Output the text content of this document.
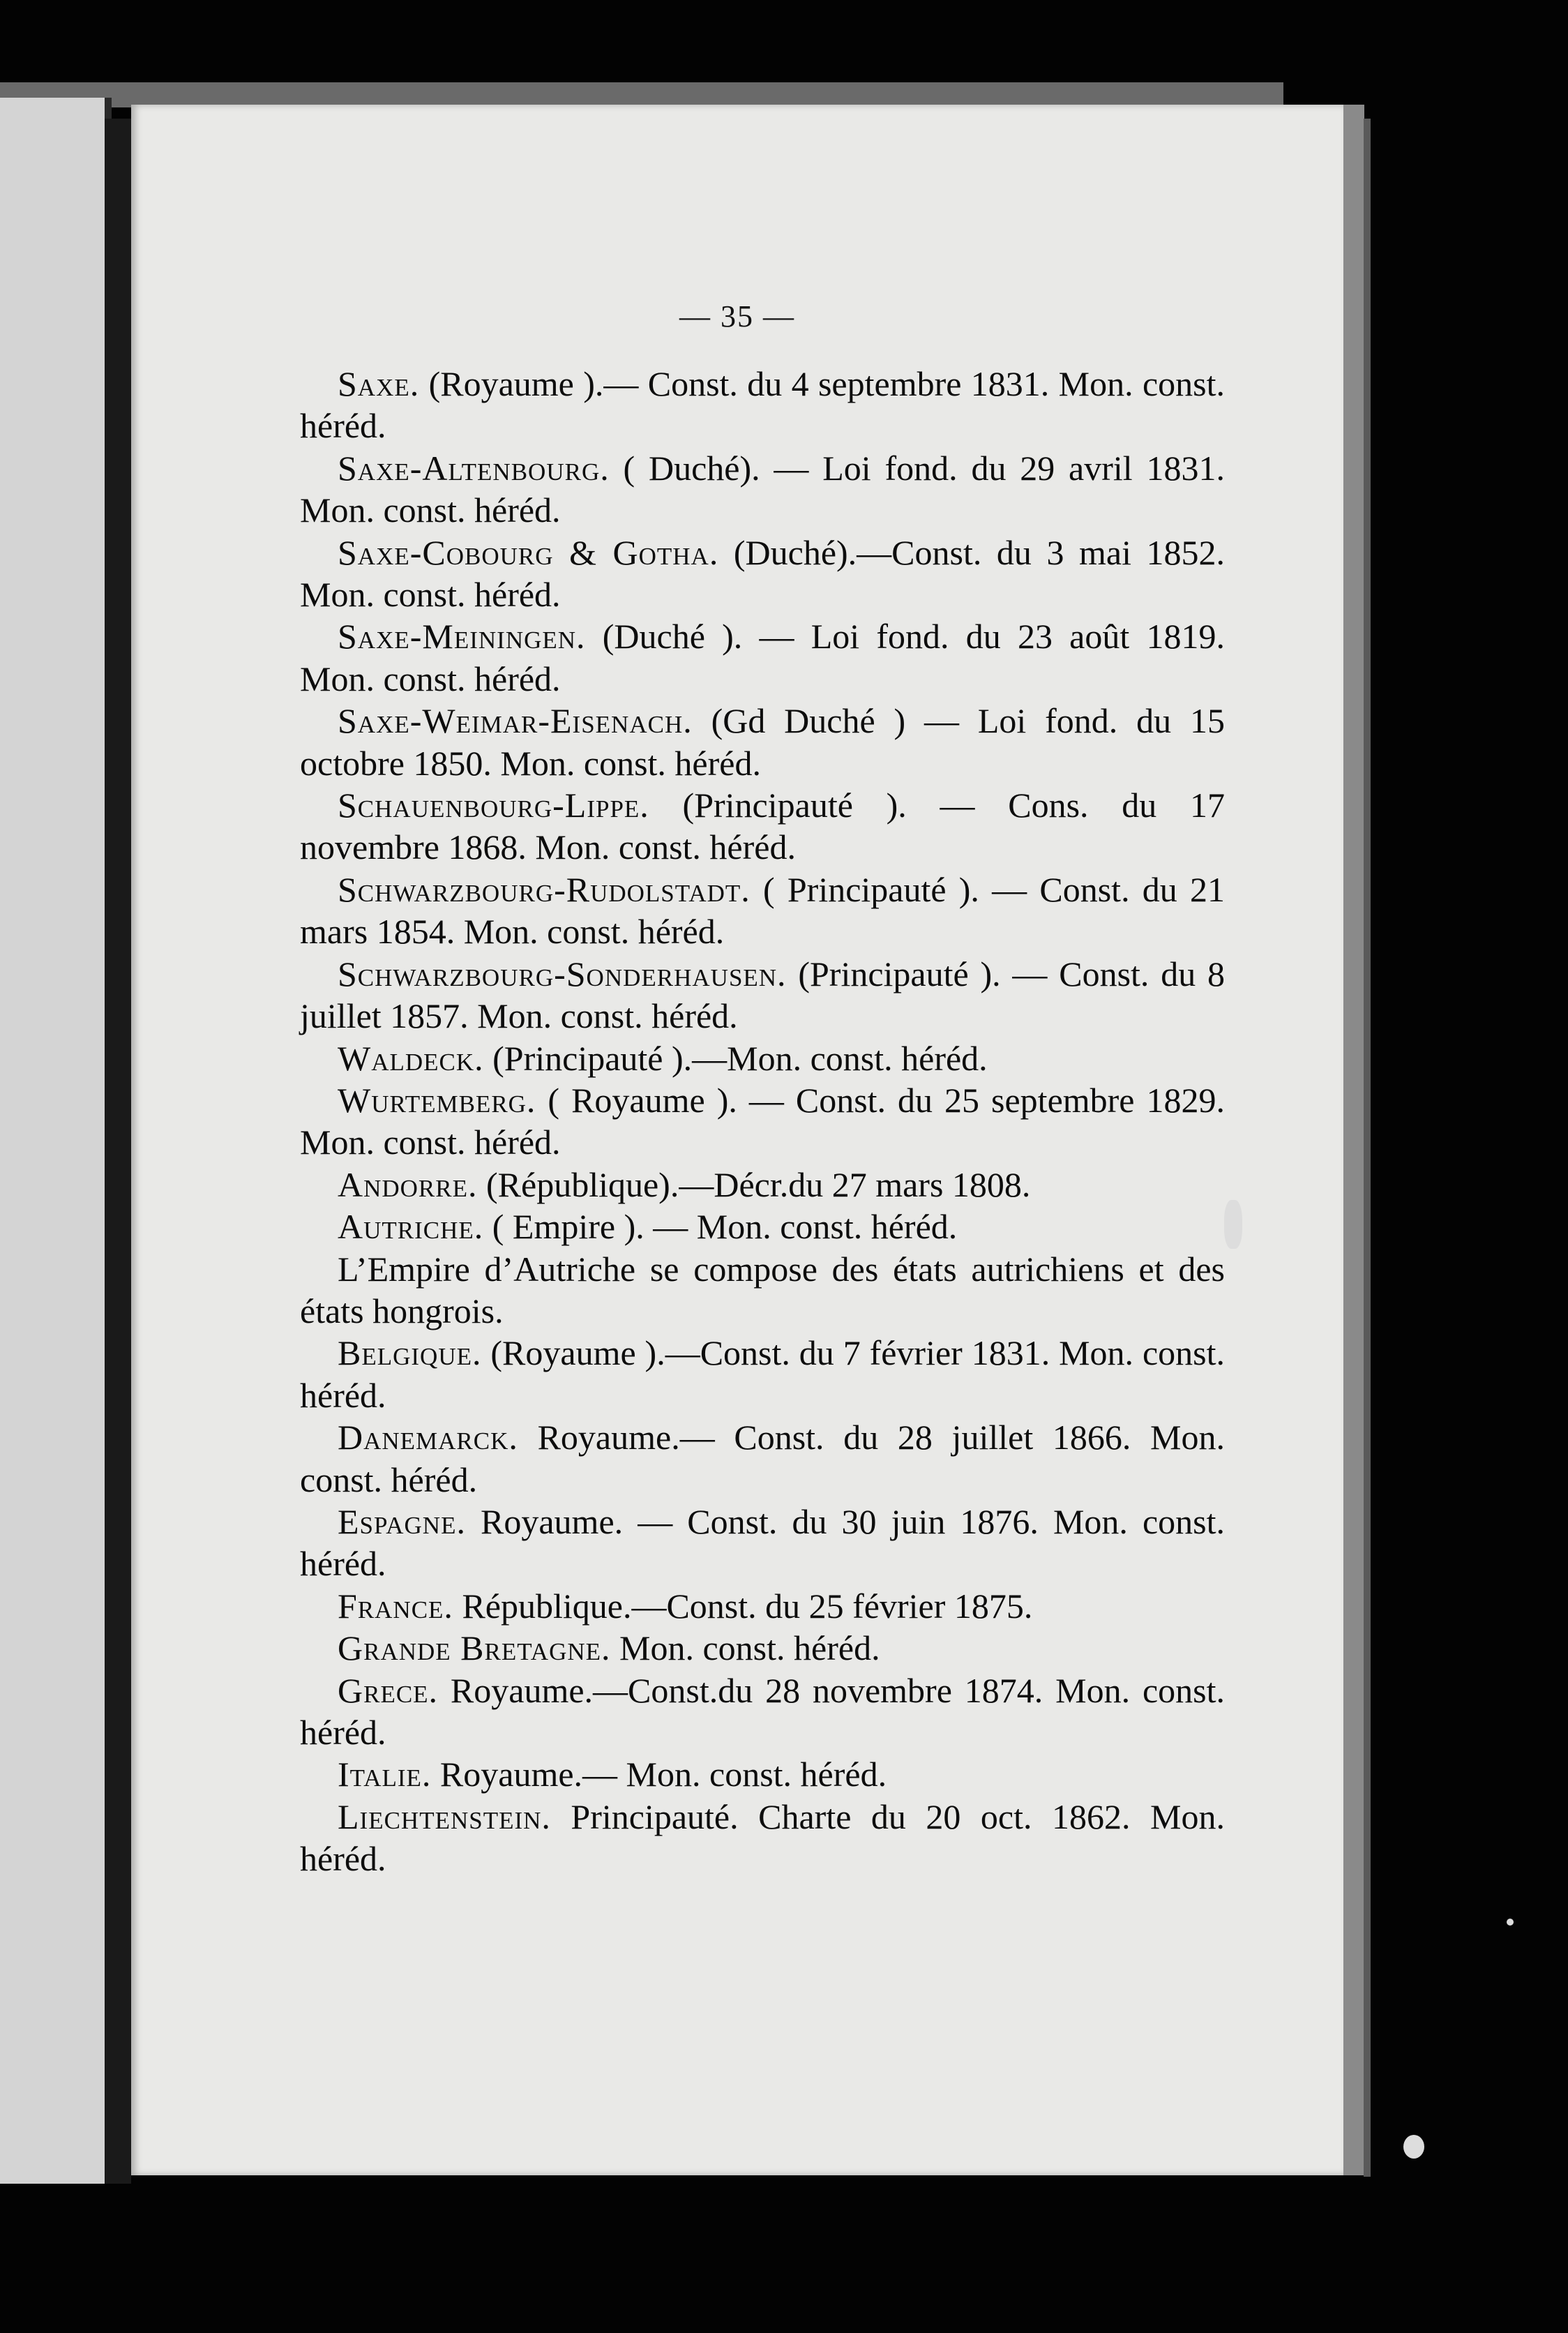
— 35 —

Saxe. (Royaume ).— Const. du 4 septembre 1831. Mon. const. héréd.

Saxe-Altenbourg. ( Duché). — Loi fond. du 29 avril 1831. Mon. const. héréd.

Saxe-Cobourg & Gotha. (Duché).—Const. du 3 mai 1852. Mon. const. héréd.

Saxe-Meiningen. (Duché ). — Loi fond. du 23 août 1819. Mon. const. héréd.

Saxe-Weimar-Eisenach. (Gd Duché ) — Loi fond. du 15 octobre 1850. Mon. const. héréd.

Schauenbourg-Lippe. (Principauté ). — Cons. du 17 novembre 1868. Mon. const. héréd.

Schwarzbourg-Rudolstadt. ( Principauté ). — Const. du 21 mars 1854. Mon. const. héréd.

Schwarzbourg-Sonderhausen. (Principauté ). — Const. du 8 juillet 1857. Mon. const. héréd.

Waldeck. (Principauté ).—Mon. const. héréd.

Wurtemberg. ( Royaume ). — Const. du 25 septembre 1829. Mon. const. héréd.

Andorre. (République).—Décr.du 27 mars 1808.

Autriche. ( Empire ). — Mon. const. héréd.

L’Empire d’Autriche se compose des états autrichiens et des états hongrois.

Belgique. (Royaume ).—Const. du 7 février 1831. Mon. const. héréd.

Danemarck. Royaume.— Const. du 28 juillet 1866. Mon. const. héréd.

Espagne. Royaume. — Const. du 30 juin 1876. Mon. const. héréd.

France. République.—Const. du 25 février 1875.

Grande Bretagne. Mon. const. héréd.

Grece. Royaume.—Const.du 28 novembre 1874. Mon. const. héréd.

Italie. Royaume.— Mon. const. héréd.

Liechtenstein. Principauté. Charte du 20 oct. 1862. Mon. héréd.
